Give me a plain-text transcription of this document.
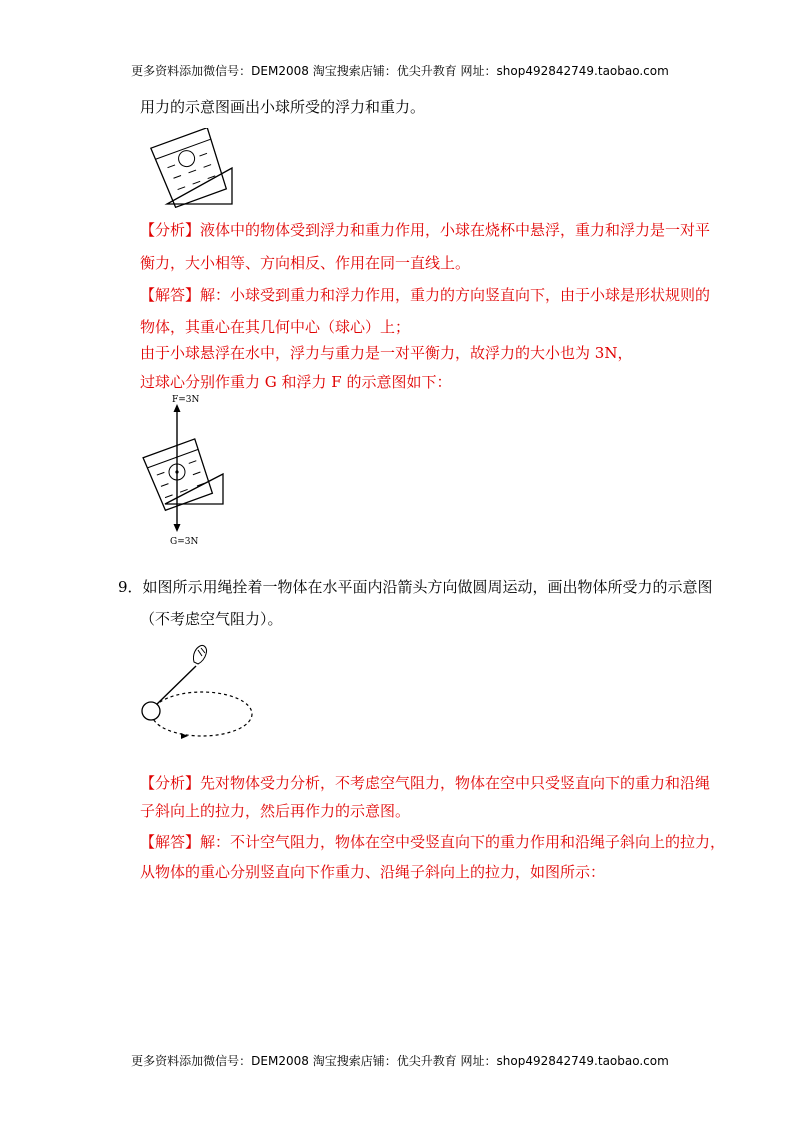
更多资料添加微信号：DEM2008 淘宝搜索店铺：优尖升教育 网址：shop492842749.taobao.com
用力的示意图画出小球所受的浮力和重力。
【分析】液体中的物体受到浮力和重力作用，小球在烧杯中悬浮，重力和浮力是一对平
衡力，大小相等、方向相反、作用在同一直线上。
【解答】解：小球受到重力和浮力作用，重力的方向竖直向下，由于小球是形状规则的
物体，其重心在其几何中心（球心）上；
由于小球悬浮在水中，浮力与重力是一对平衡力，故浮力的大小也为 3N，
过球心分别作重力 G 和浮力 F 的示意图如下：
F=3N
G=3N
9．如图所示用绳拴着一物体在水平面内沿箭头方向做圆周运动，画出物体所受力的示意图
（不考虑空气阻力）。
【分析】先对物体受力分析，不考虑空气阻力，物体在空中只受竖直向下的重力和沿绳
子斜向上的拉力，然后再作力的示意图。
【解答】解：不计空气阻力，物体在空中受竖直向下的重力作用和沿绳子斜向上的拉力，
从物体的重心分别竖直向下作重力、沿绳子斜向上的拉力，如图所示：
更多资料添加微信号：DEM2008 淘宝搜索店铺：优尖升教育 网址：shop492842749.taobao.com
